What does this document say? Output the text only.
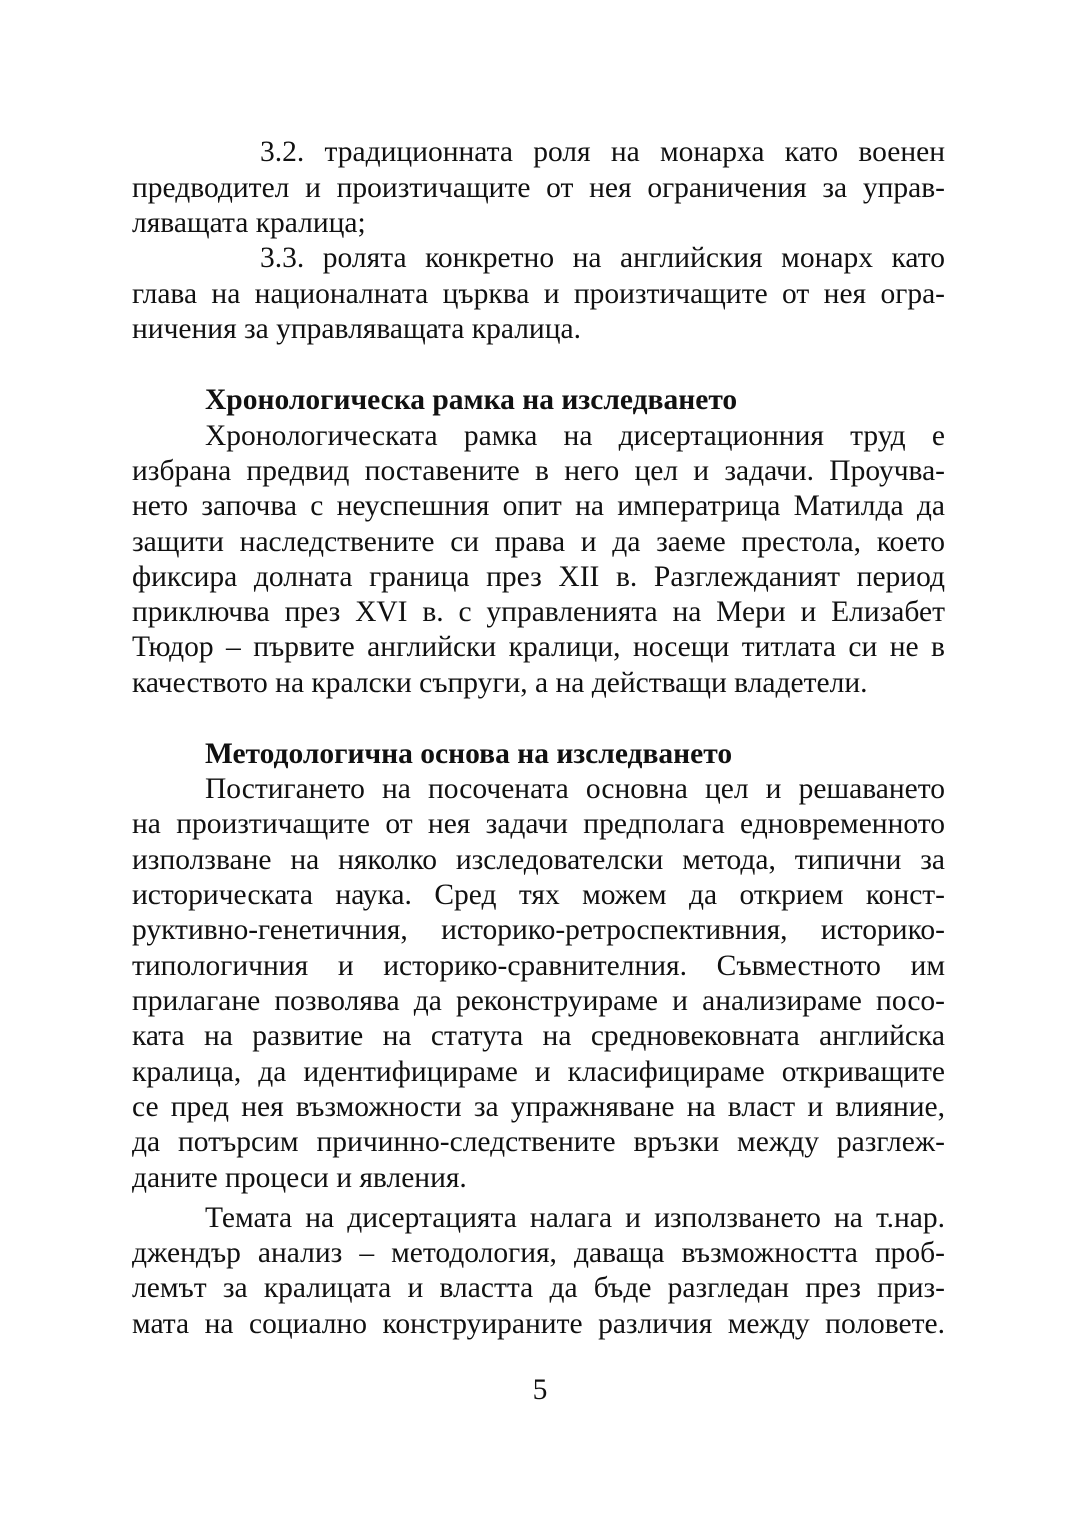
3.2. традиционната роля на монарха като военен
предводител и произтичащите от нея ограничения за управ-
ляващата кралица;
3.3. ролята конкретно на английския монарх като
глава на националната църква и произтичащите от нея огра-
ничения за управляващата кралица.
Хронологическа рамка на изследването
Хронологическата рамка на дисертационния труд е
избрана предвид поставените в него цел и задачи. Проучва-
нето започва с неуспешния опит на императрица Матилда да
защити наследствените си права и да заеме престола, което
фиксира долната граница през XII в. Разглежданият период
приключва през XVI в. с управленията на Мери и Елизабет
Тюдор – първите английски кралици, носещи титлата си не в
качеството на кралски съпруги, а на действащи владетели.
Методологична основа на изследването
Постигането на посочената основна цел и решаването
на произтичащите от нея задачи предполага едновременното
използване на няколко изследователски метода, типични за
историческата наука. Сред тях можем да открием конст-
руктивно-генетичния, историко-ретроспективния, историко-
типологичния и историко-сравнителния. Съвместното им
прилагане позволява да реконструираме и анализираме посо-
ката на развитие на статута на средновековната английска
кралица, да идентифицираме и класифицираме откриващите
се пред нея възможности за упражняване на власт и влияние,
да потърсим причинно-следствените връзки между разглеж-
даните процеси и явления.
Темата на дисертацията налага и използването на т.нар.
джендър анализ – методология, даваща възможността проб-
лемът за кралицата и властта да бъде разгледан през приз-
мата на социално конструираните различия между половете.
5
